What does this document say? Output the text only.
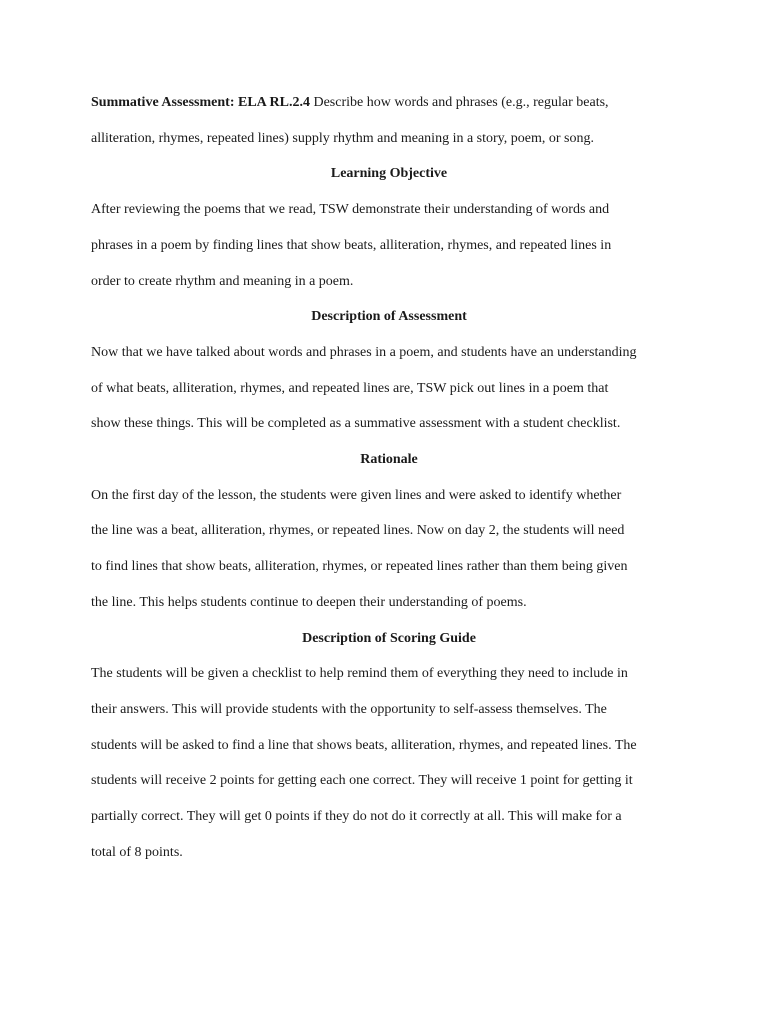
Summative Assessment: ELA RL.2.4 Describe how words and phrases (e.g., regular beats,
alliteration, rhymes, repeated lines) supply rhythm and meaning in a story, poem, or song.

Learning Objective

After reviewing the poems that we read, TSW demonstrate their understanding of words and
phrases in a poem by finding lines that show beats, alliteration, rhymes, and repeated lines in
order to create rhythm and meaning in a poem.

Description of Assessment

Now that we have talked about words and phrases in a poem, and students have an understanding
of what beats, alliteration, rhymes, and repeated lines are, TSW pick out lines in a poem that
show these things. This will be completed as a summative assessment with a student checklist.

Rationale

On the first day of the lesson, the students were given lines and were asked to identify whether
the line was a beat, alliteration, rhymes, or repeated lines. Now on day 2, the students will need
to find lines that show beats, alliteration, rhymes, or repeated lines rather than them being given
the line. This helps students continue to deepen their understanding of poems.

Description of Scoring Guide

The students will be given a checklist to help remind them of everything they need to include in
their answers. This will provide students with the opportunity to self-assess themselves. The
students will be asked to find a line that shows beats, alliteration, rhymes, and repeated lines. The
students will receive 2 points for getting each one correct. They will receive 1 point for getting it
partially correct. They will get 0 points if they do not do it correctly at all. This will make for a
total of 8 points.
